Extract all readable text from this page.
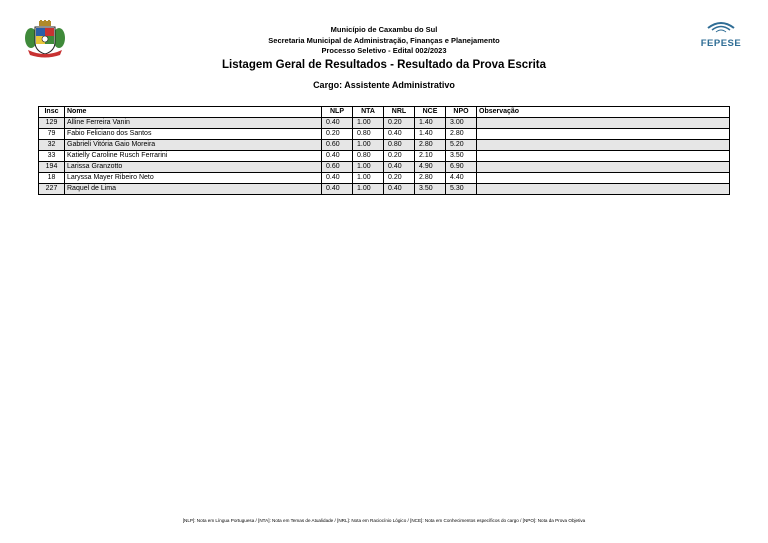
FEPESE
Município de Caxambu do Sul
Secretaria Municipal de Administração, Finanças e Planejamento
Processo Seletivo - Edital 002/2023
Listagem Geral de Resultados - Resultado da Prova Escrita
Cargo: Assistente Administrativo
Insc	Nome	NLP	NTA	NRL	NCE	NPO	Observação
129	Alline Ferreira Vanin	0.40	1.00	0.20	1.40	3.00	
79	Fabio Feliciano dos Santos	0.20	0.80	0.40	1.40	2.80	
32	Gabrieli Vitória Gaio Moreira	0.60	1.00	0.80	2.80	5.20	
33	Katielly Caroline Rusch Ferrarini	0.40	0.80	0.20	2.10	3.50	
194	Larissa Granzotto	0.60	1.00	0.40	4.90	6.90	
18	Laryssa Mayer Ribeiro Neto	0.40	1.00	0.20	2.80	4.40	
227	Raquel de Lima	0.40	1.00	0.40	3.50	5.30	
[NLP]: Nota em Língua Portuguesa / [NTA]: Nota em Temas de Atualidade / [NRL]: Nota em Raciocínio Lógico / [NCE]: Nota em Conhecimentos específicos do cargo / [NPO]: Nota da Prova Objetiva
